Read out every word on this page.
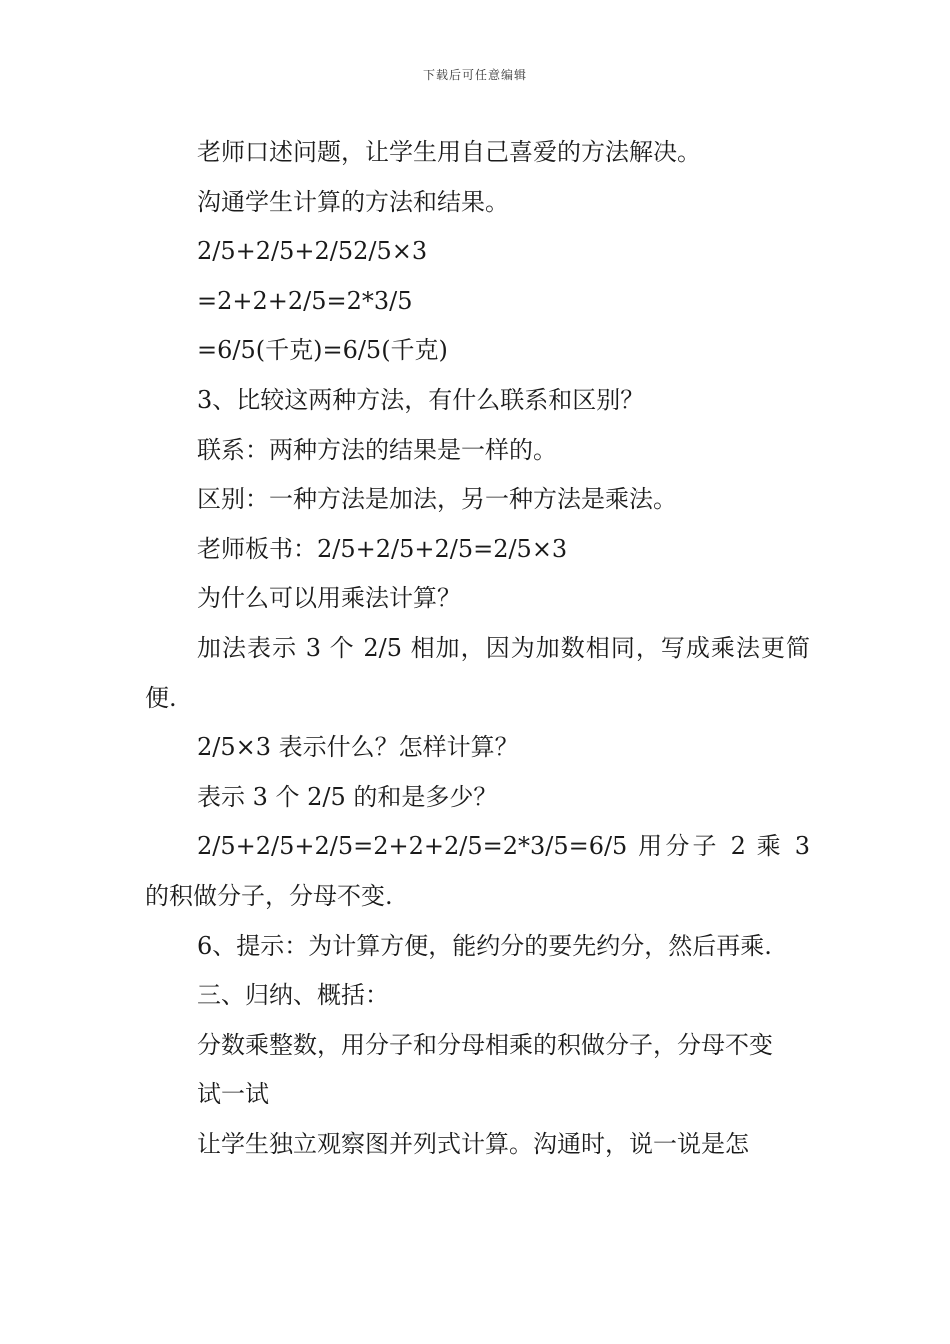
下载后可任意编辑

老师口述问题，让学生用自己喜爱的方法解决。

沟通学生计算的方法和结果。

2/5+2/5+2/52/5×3

=2+2+2/5=2*3/5

=6/5(千克)=6/5(千克)

3、比较这两种方法，有什么联系和区别？

联系：两种方法的结果是一样的。

区别：一种方法是加法，另一种方法是乘法。

老师板书：2/5+2/5+2/5=2/5×3

为什么可以用乘法计算？

加法表示 3 个 2/5 相加，因为加数相同，写成乘法更简便.

2/5×3 表示什么？怎样计算？

表示 3 个 2/5 的和是多少？

2/5+2/5+2/5=2+2+2/5=2*3/5=6/5 用分子 2 乘 3 的积做分子，分母不变.

6、提示：为计算方便，能约分的要先约分，然后再乘.

三、归纳、概括：

分数乘整数，用分子和分母相乘的积做分子，分母不变

试一试

让学生独立观察图并列式计算。沟通时，说一说是怎
